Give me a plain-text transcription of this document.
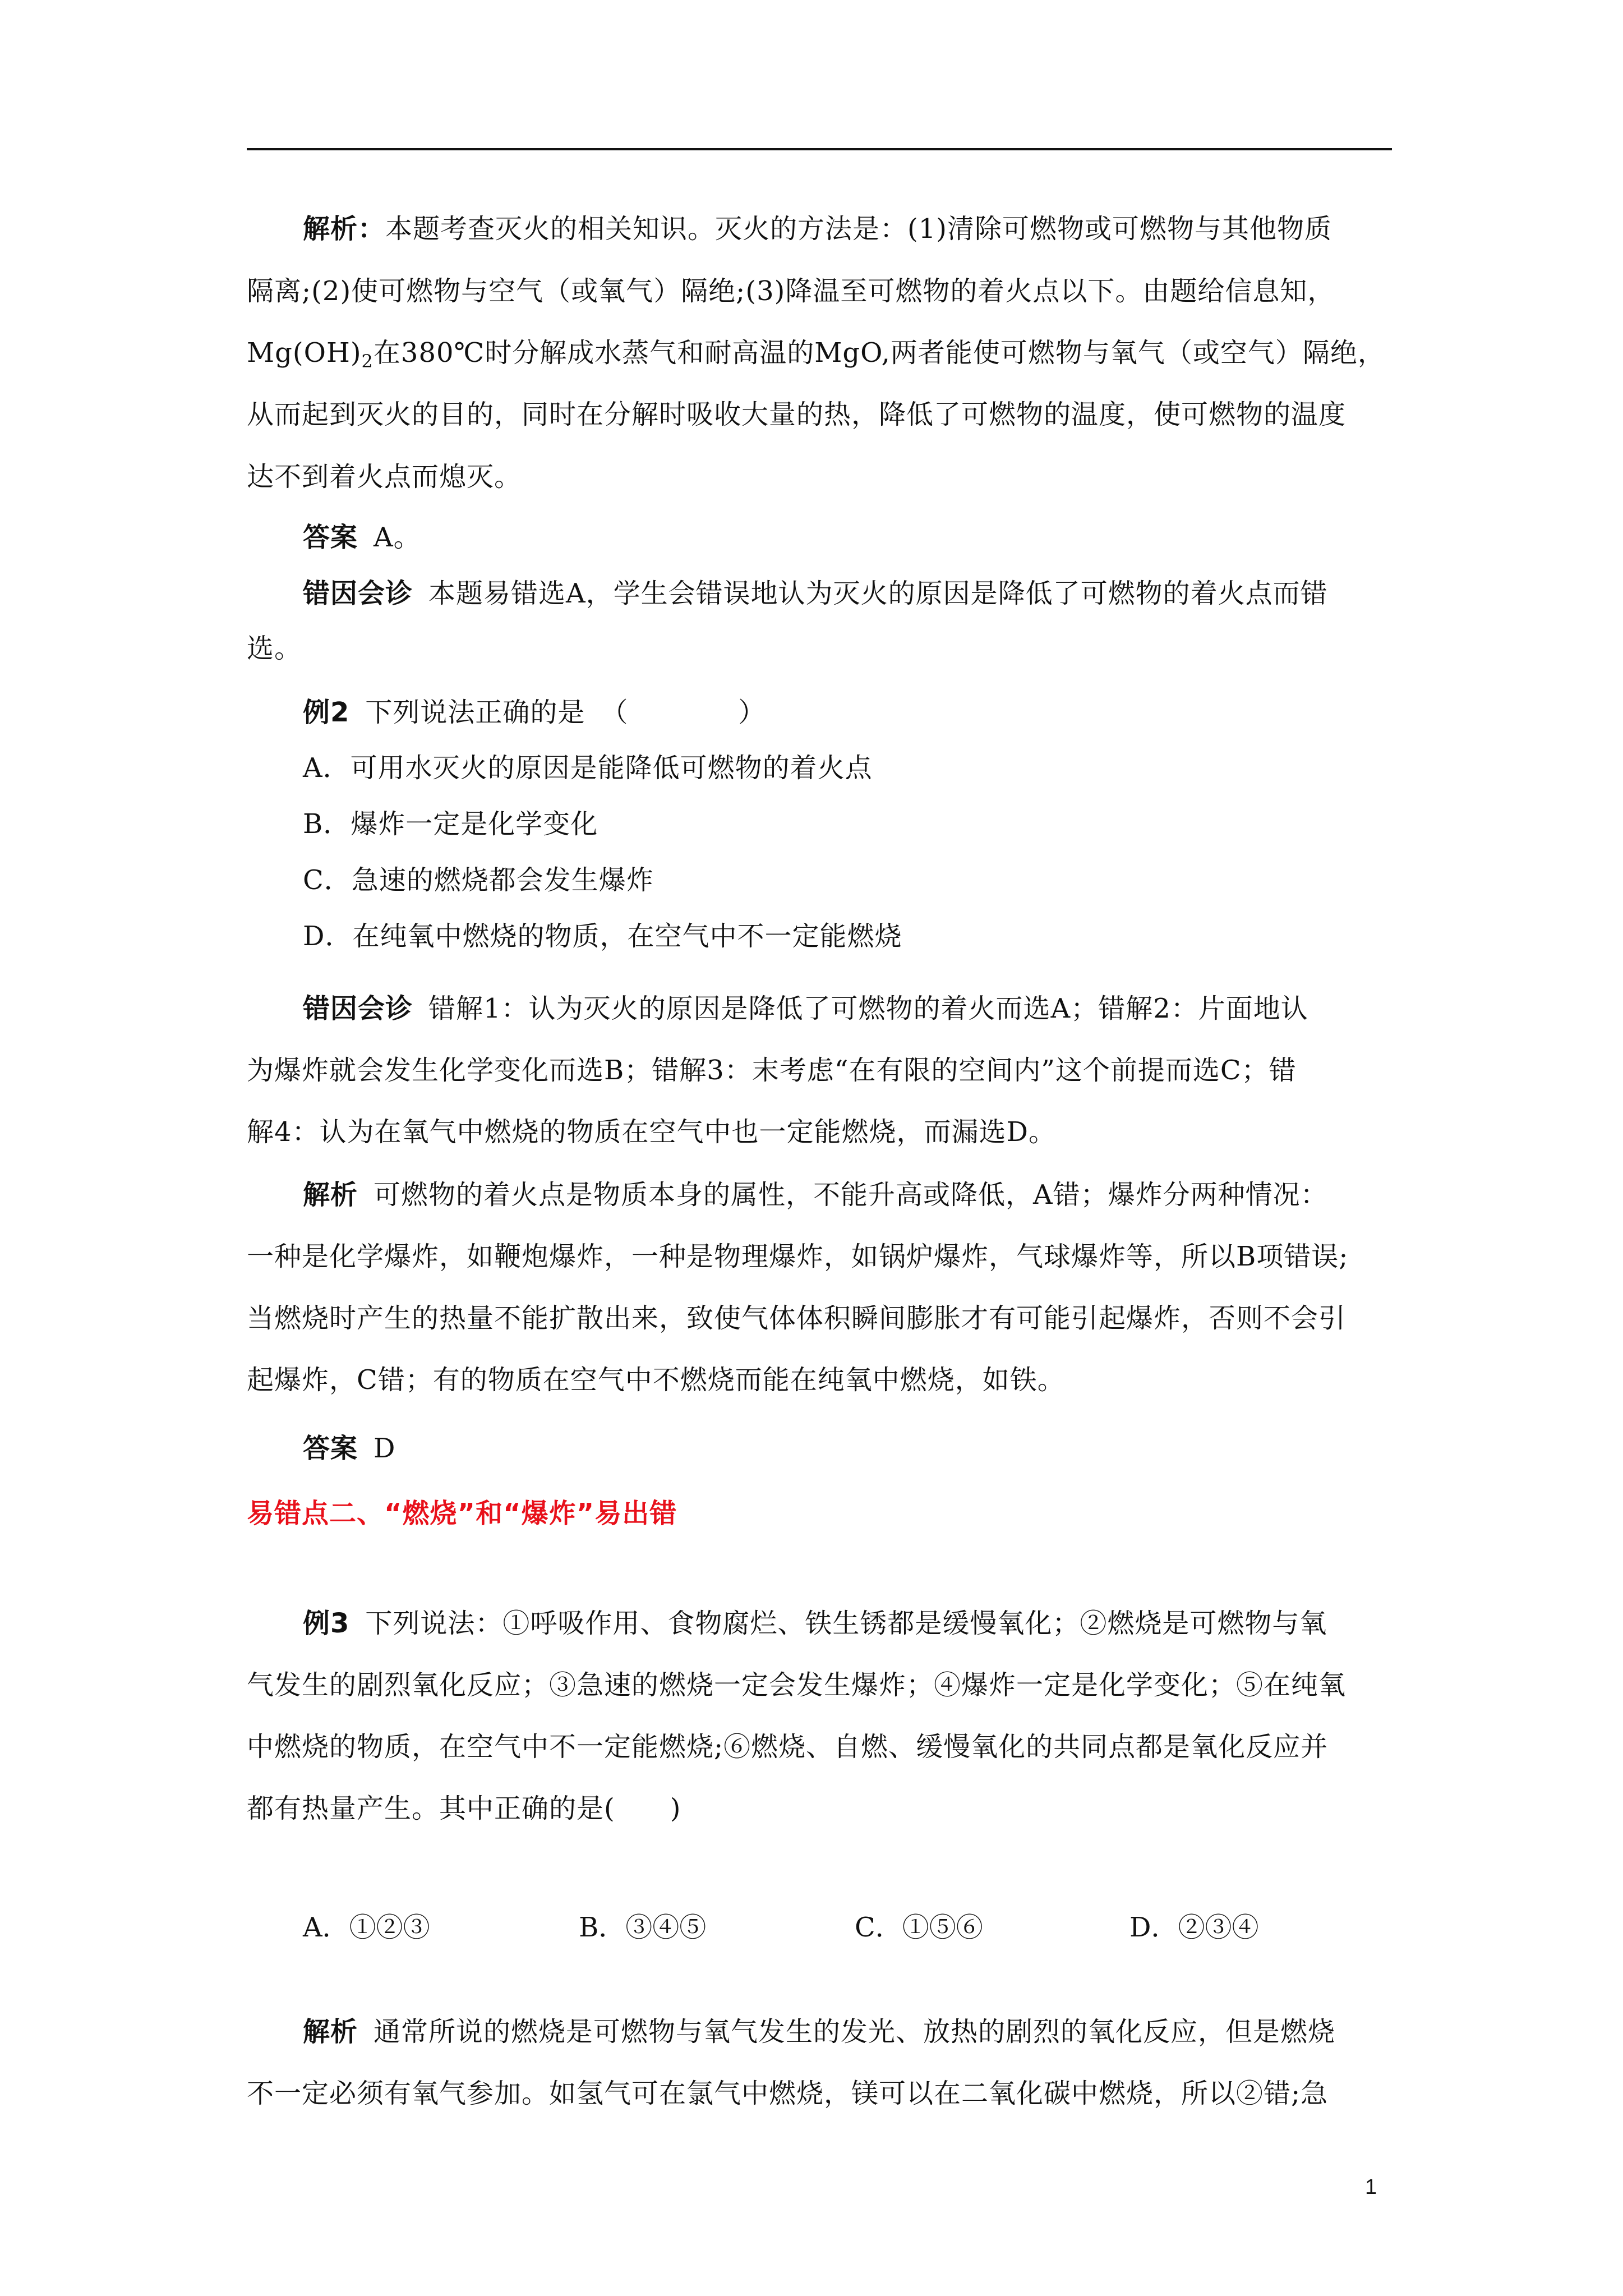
解析：本题考查灭火的相关知识。灭火的方法是：(1)清除可燃物或可燃物与其他物质
隔离;(2)使可燃物与空气（或氧气）隔绝;(3)降温至可燃物的着火点以下。由题给信息知，
$Mg(OH)_2$在380℃时分解成水蒸气和耐高温的MgO,两者能使可燃物与氧气（或空气）隔绝，
从而起到灭火的目的，同时在分解时吸收大量的热，降低了可燃物的温度，使可燃物的温度
达不到着火点而熄灭。
答案 A。
错因会诊 本题易错选A，学生会错误地认为灭火的原因是降低了可燃物的着火点而错
选。
例2 下列说法正确的是 （　　　　）
A．可用水灭火的原因是能降低可燃物的着火点
B．爆炸一定是化学变化
C．急速的燃烧都会发生爆炸
D．在纯氧中燃烧的物质，在空气中不一定能燃烧
错因会诊 错解1：认为灭火的原因是降低了可燃物的着火而选A；错解2：片面地认
为爆炸就会发生化学变化而选B；错解3：末考虑“在有限的空间内”这个前提而选C；错
解4：认为在氧气中燃烧的物质在空气中也一定能燃烧，而漏选D。
解析 可燃物的着火点是物质本身的属性，不能升高或降低，A错；爆炸分两种情况：
一种是化学爆炸，如鞭炮爆炸，一种是物理爆炸，如锅炉爆炸，气球爆炸等，所以B项错误;
当燃烧时产生的热量不能扩散出来，致使气体体积瞬间膨胀才有可能引起爆炸，否则不会引
起爆炸，C错；有的物质在空气中不燃烧而能在纯氧中燃烧，如铁。
答案 D
易错点二、“燃烧”和“爆炸”易出错
例3 下列说法：①呼吸作用、食物腐烂、铁生锈都是缓慢氧化；②燃烧是可燃物与氧
气发生的剧烈氧化反应；③急速的燃烧一定会发生爆炸；④爆炸一定是化学变化；⑤在纯氧
中燃烧的物质，在空气中不一定能燃烧;⑥燃烧、自燃、缓慢氧化的共同点都是氧化反应并
都有热量产生。其中正确的是(　　)
A．①②③	B．③④⑤	C．①⑤⑥	D．②③④
解析 通常所说的燃烧是可燃物与氧气发生的发光、放热的剧烈的氧化反应，但是燃烧
不一定必须有氧气参加。如氢气可在氯气中燃烧，镁可以在二氧化碳中燃烧，所以②错;急
1
